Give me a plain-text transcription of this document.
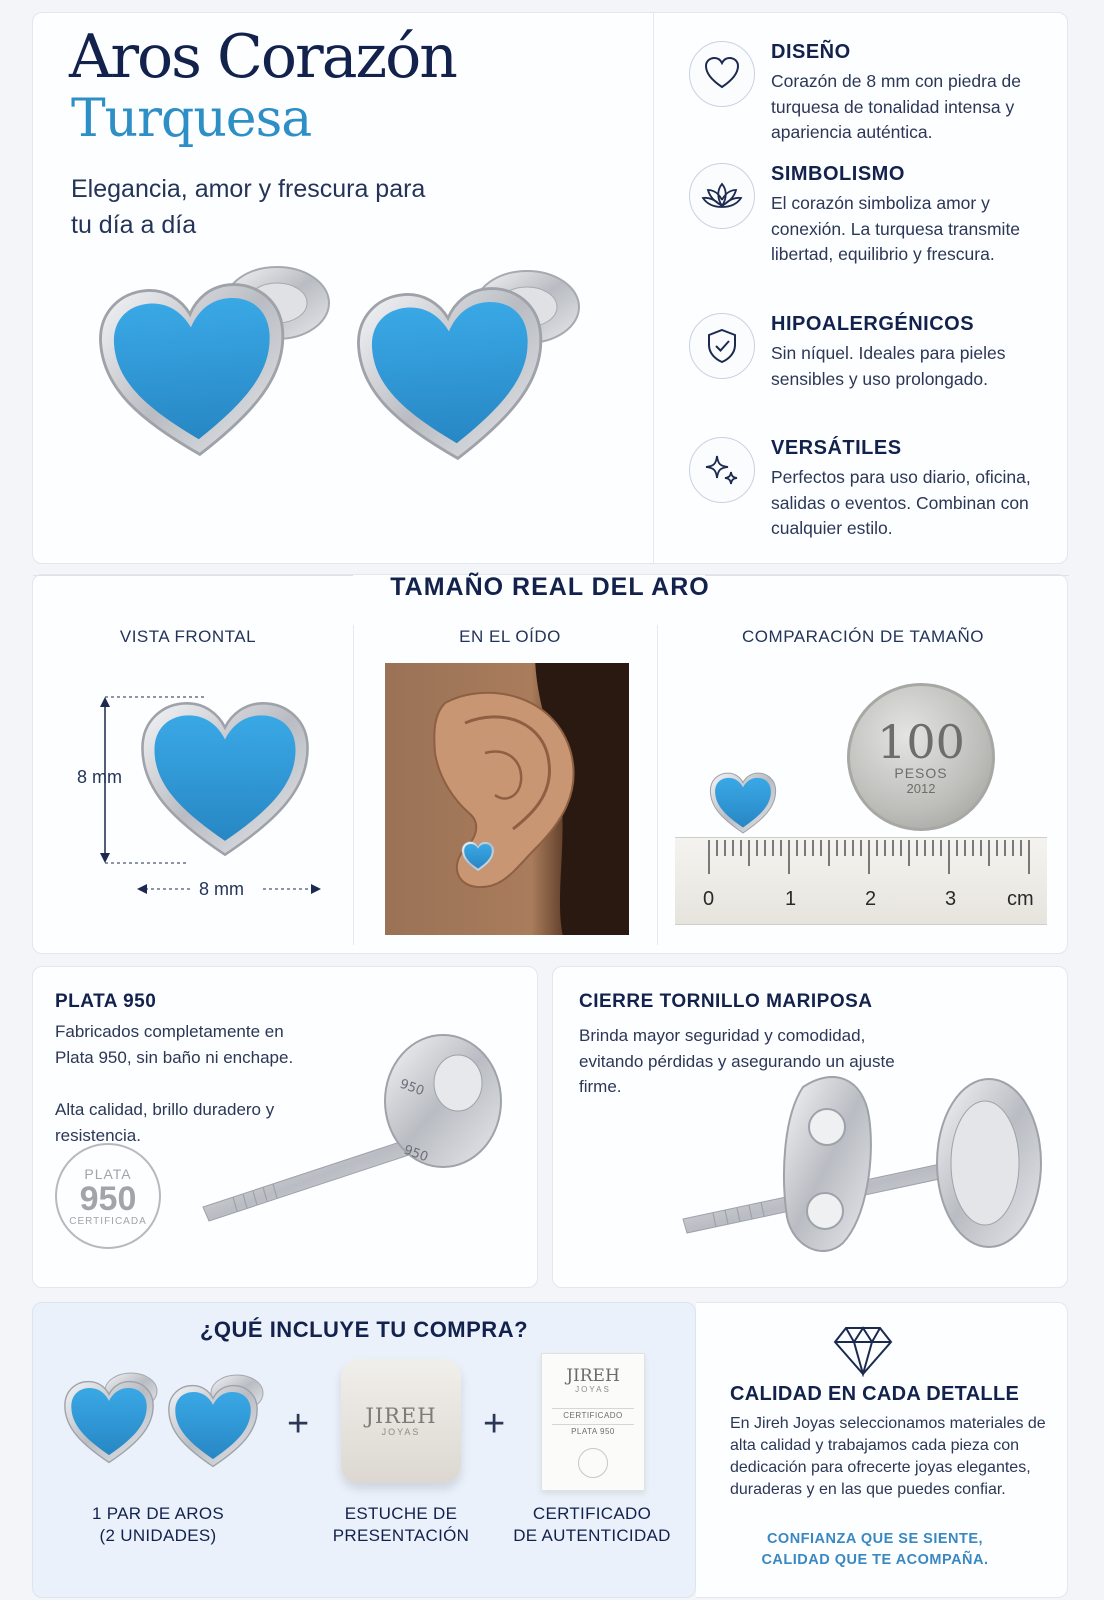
Aros Corazón
Turquesa
Elegancia, amor y frescura para tu día a día
DISEÑO
Corazón de 8 mm con piedra de turquesa de tonalidad intensa y apariencia auténtica.
SIMBOLISMO
El corazón simboliza amor y conexión. La turquesa transmite libertad, equilibrio y frescura.
HIPOALERGÉNICOS
Sin níquel. Ideales para pieles sensibles y uso prolongado.
VERSÁTILES
Perfectos para uso diario, oficina, salidas o eventos. Combinan con cualquier estilo.
TAMAÑO REAL DEL ARO
VISTA FRONTAL	EN EL OÍDO	COMPARACIÓN DE TAMAÑO
8 mm
8 mm
100
PESOS
2012
0	1	2	3	cm
PLATA 950
Fabricados completamente en Plata 950, sin baño ni enchape.
Alta calidad, brillo duradero y resistencia.
PLATA
950
CERTIFICADA
950
950
CIERRE TORNILLO MARIPOSA
Brinda mayor seguridad y comodidad, evitando pérdidas y asegurando un ajuste firme.
¿QUÉ INCLUYE TU COMPRA?
+	JIREH
JOYAS +
JIREH
JOYAS
CERTIFICADO
PLATA 950
1 PAR DE AROS
(2 UNIDADES)
ESTUCHE DE
PRESENTACIÓN
CERTIFICADO
DE AUTENTICIDAD
CALIDAD EN CADA DETALLE
En Jireh Joyas seleccionamos materiales de alta calidad y trabajamos cada pieza con dedicación para ofrecerte joyas elegantes, duraderas y en las que puedes confiar.
CONFIANZA QUE SE SIENTE,
CALIDAD QUE TE ACOMPAÑA.
